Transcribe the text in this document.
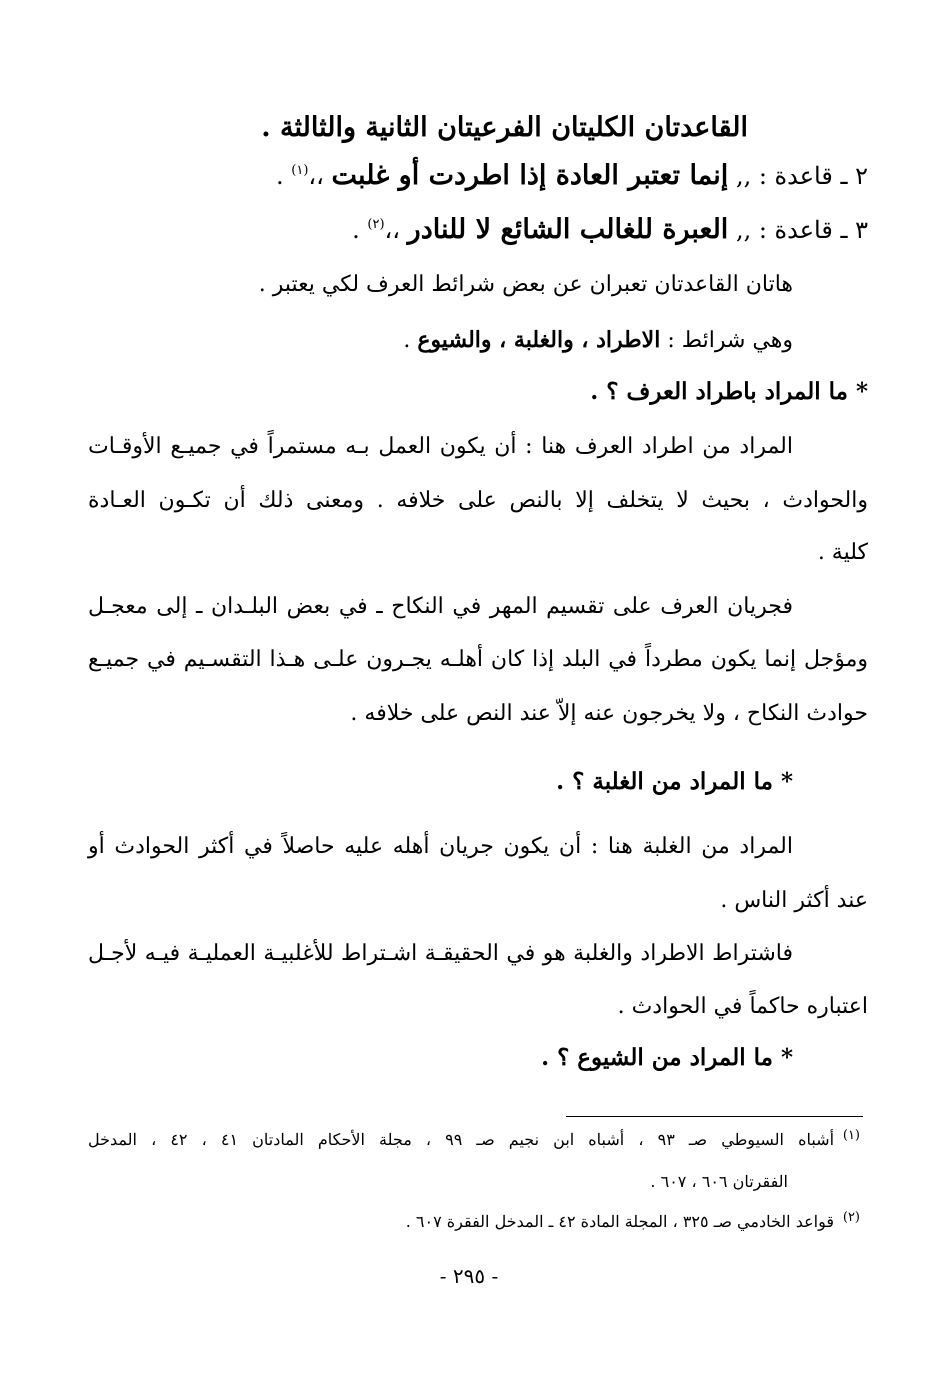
القاعدتان الكليتان الفرعيتان الثانية والثالثة .
٢ ـ قاعدة : ,, إنما تعتبر العادة إذا اطردت أو غلبت ،،$^{(١)}$ .
٣ ـ قاعدة : ,, العبرة للغالب الشائع لا للنادر ،،$^{(٢)}$ .
هاتان القاعدتان تعبران عن بعض شرائط العرف لكي يعتبر .
وهي شرائط : الاطراد ، والغلبة ، والشيوع .
* ما المراد باطراد العرف ؟ .
المراد من اطراد العرف هنا : أن يكون العمل بـه مستمراً في جميـع الأوقـات
والحوادث ، بحيث لا يتخلف إلا بالنص على خلافه . ومعنى ذلك أن تكـون العـادة
كلية .
فجريان العرف على تقسيم المهر في النكاح ـ في بعض البلـدان ـ إلى معجـل
ومؤجل إنما يكون مطرداً في البلد إذا كان أهلـه يجـرون علـى هـذا التقسـيم في جميـع
حوادث النكاح ، ولا يخرجون عنه إلاّ عند النص على خلافه .
* ما المراد من الغلبة ؟ .
المراد من الغلبة هنا : أن يكون جريان أهله عليه حاصلاً في أكثر الحوادث أو
عند أكثر الناس .
فاشتراط الاطراد والغلبة هو في الحقيقـة اشـتراط للأغلبيـة العمليـة فيـه لأجـل
اعتباره حاكماً في الحوادث .
* ما المراد من الشيوع ؟ .
أشباه السيوطي صـ ٩٣ ، أشباه ابن نجيم صـ ٩٩ ، مجلة الأحكام المادتان ٤١ ، ٤٢ ، المدخل $^{(١)}$
الفقرتان ٦٠٦ ، ٦٠٧ .
$^{(٢)}$
قواعد الخادمي صـ ٣٢٥ ، المجلة المادة ٤٢ ـ المدخل الفقرة ٦٠٧ .
- ٢٩٥ -
